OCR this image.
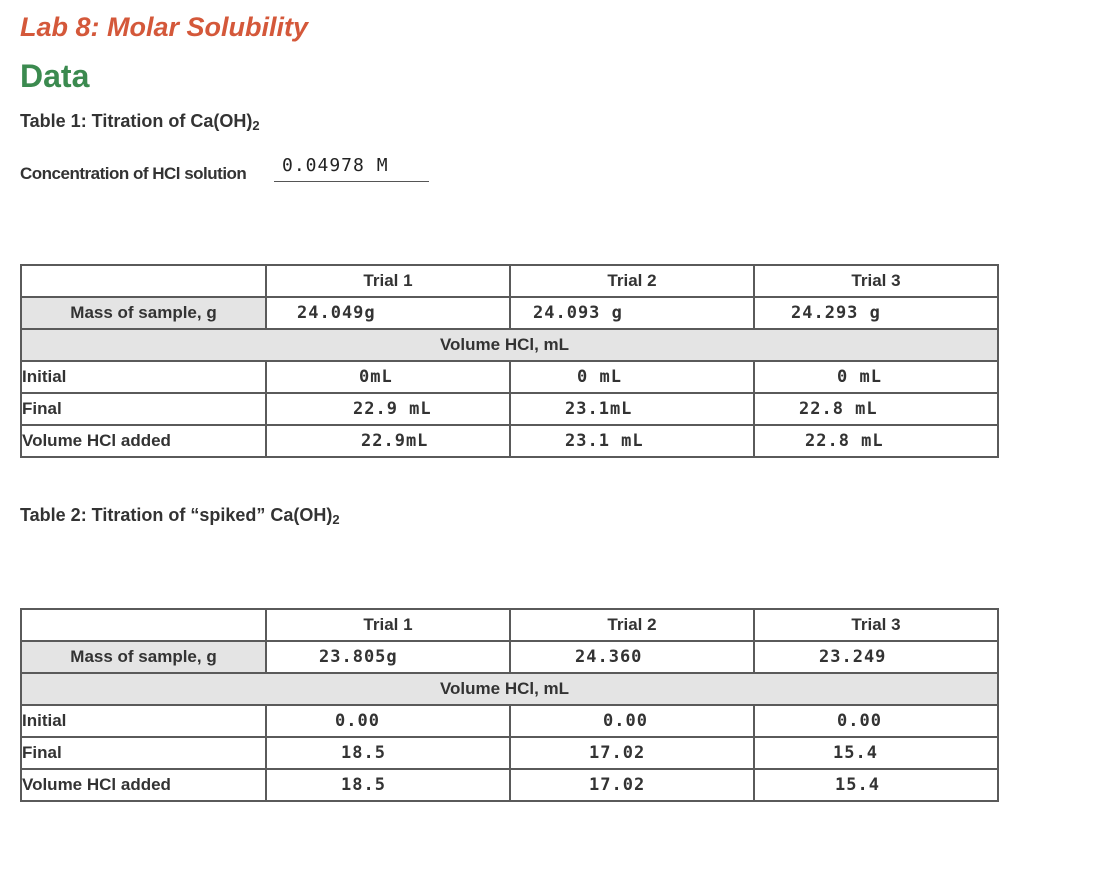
Lab 8: Molar Solubility
Data
Table 1: Titration of $Ca(OH)_2$
Concentration of HCl solution 0.04978 M
	Trial 1	Trial 2	Trial 3
Mass of sample, g	24.049g	24.093 g	24.293 g
Volume HCl, mL			
Initial	0mL	0 mL	0 mL
Final	22.9 mL	23.1mL	22.8 mL
Volume HCl added	22.9mL	23.1 mL	22.8 mL
Table 2: Titration of “spiked” $Ca(OH)_2$
	Trial 1	Trial 2	Trial 3
Mass of sample, g	23.805g	24.360	23.249
Volume HCl, mL			
Initial	0.00	0.00	0.00
Final	18.5	17.02	15.4
Volume HCl added	18.5	17.02	15.4
